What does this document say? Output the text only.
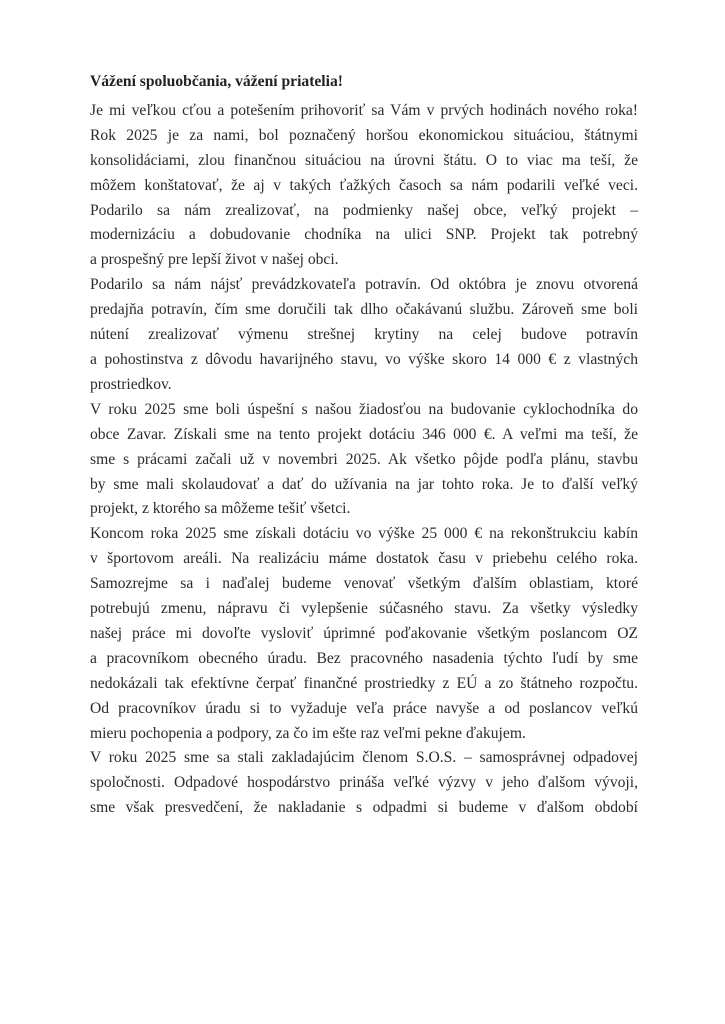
Vážení spoluobčania, vážení priatelia!
Je mi veľkou cťou a potešením prihovoriť sa Vám v prvých hodinách nového roka!
Rok 2025 je za nami, bol poznačený horšou ekonomickou situáciou, štátnymi
konsolidáciami, zlou finančnou situáciou na úrovni štátu. O to viac ma teší, že
môžem konštatovať, že aj v takých ťažkých časoch sa nám podarili veľké veci.
Podarilo sa nám zrealizovať, na podmienky našej obce, veľký projekt –
modernizáciu a dobudovanie chodníka na ulici SNP. Projekt tak potrebný
a prospešný pre lepší život v našej obci.
Podarilo sa nám nájsť prevádzkovateľa potravín. Od októbra je znovu otvorená
predajňa potravín, čím sme doručili tak dlho očakávanú službu. Zároveň sme boli
nútení zrealizovať výmenu strešnej krytiny na celej budove potravín
a pohostinstva z dôvodu havarijného stavu, vo výške skoro 14 000 € z vlastných
prostriedkov.
V roku 2025 sme boli úspešní s našou žiadosťou na budovanie cyklochodníka do
obce Zavar. Získali sme na tento projekt dotáciu 346 000 €. A veľmi ma teší, že
sme s prácami začali už v novembri 2025. Ak všetko pôjde podľa plánu, stavbu
by sme mali skolaudovať a dať do užívania na jar tohto roka. Je to ďalší veľký
projekt, z ktorého sa môžeme tešiť všetci.
Koncom roka 2025 sme získali dotáciu vo výške 25 000 € na rekonštrukciu kabín
v športovom areáli. Na realizáciu máme dostatok času v priebehu celého roka.
Samozrejme sa i naďalej budeme venovať všetkým ďalším oblastiam, ktoré
potrebujú zmenu, nápravu či vylepšenie súčasného stavu. Za všetky výsledky
našej práce mi dovoľte vysloviť úprimné poďakovanie všetkým poslancom OZ
a pracovníkom obecného úradu. Bez pracovného nasadenia týchto ľudí by sme
nedokázali tak efektívne čerpať finančné prostriedky z EÚ a zo štátneho rozpočtu.
Od pracovníkov úradu si to vyžaduje veľa práce navyše a od poslancov veľkú
mieru pochopenia a podpory, za čo im ešte raz veľmi pekne ďakujem.
V roku 2025 sme sa stali zakladajúcim členom S.O.S. – samosprávnej odpadovej
spoločnosti. Odpadové hospodárstvo prináša veľké výzvy v jeho ďalšom vývoji,
sme však presvedčení, že nakladanie s odpadmi si budeme v ďalšom období
